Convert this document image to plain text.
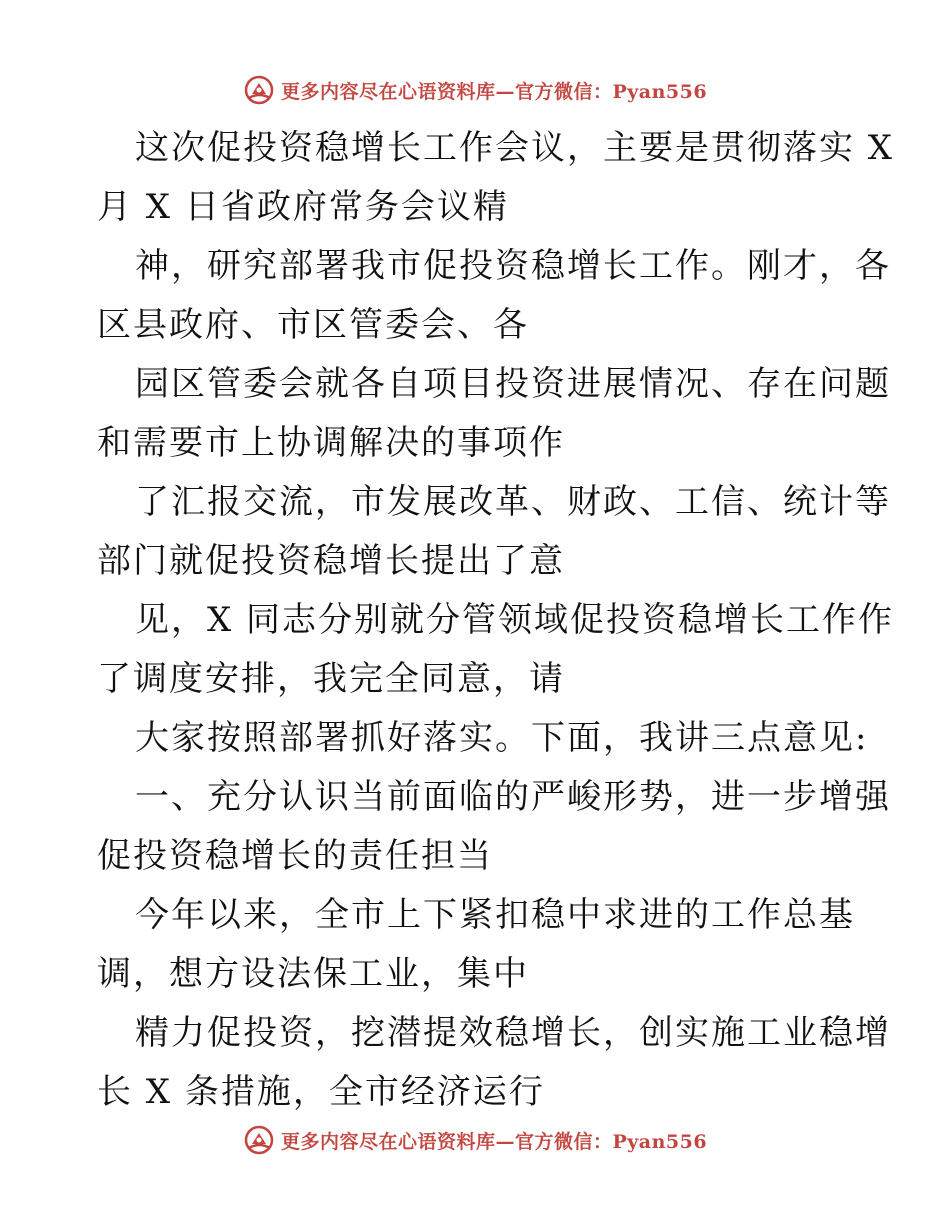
更多内容尽在心语资料库—官方微信：Pyan556
这次促投资稳增长工作会议，主要是贯彻落实 X
月 X 日省政府常务会议精
神，研究部署我市促投资稳增长工作。刚才，各
区县政府、市区管委会、各
园区管委会就各自项目投资进展情况、存在问题
和需要市上协调解决的事项作
了汇报交流，市发展改革、财政、工信、统计等
部门就促投资稳增长提出了意
见，X 同志分别就分管领域促投资稳增长工作作
了调度安排，我完全同意，请
大家按照部署抓好落实。下面，我讲三点意见:
一、充分认识当前面临的严峻形势，进一步增强
促投资稳增长的责任担当
今年以来，全市上下紧扣稳中求进的工作总基
调，想方设法保工业，集中
精力促投资，挖潜提效稳增长，创实施工业稳增
长 X 条措施，全市经济运行
更多内容尽在心语资料库—官方微信：Pyan556
